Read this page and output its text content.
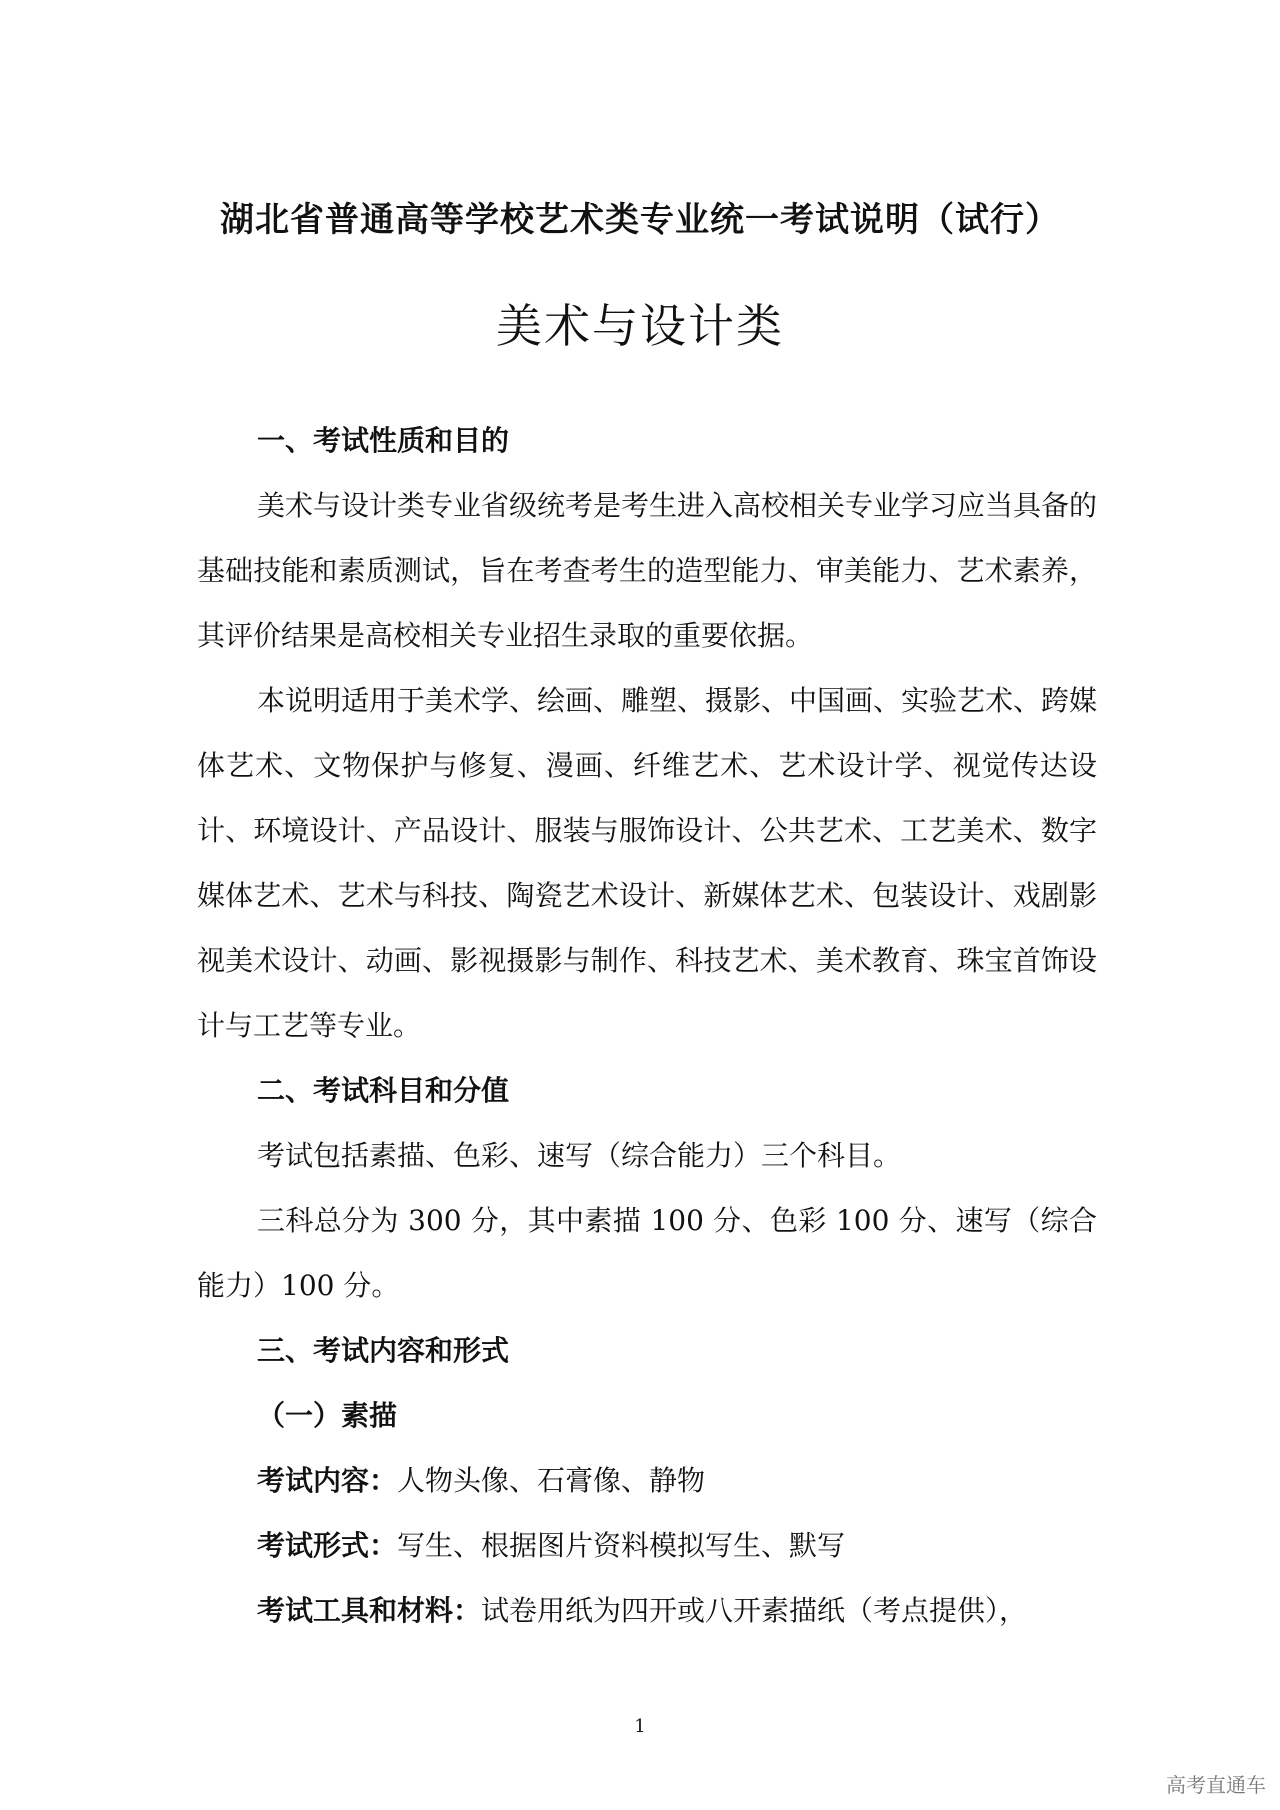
湖北省普通高等学校艺术类专业统一考试说明（试行）
美术与设计类

一、考试性质和目的

美术与设计类专业省级统考是考生进入高校相关专业学习应当具备的基础技能和素质测试，旨在考查考生的造型能力、审美能力、艺术素养，其评价结果是高校相关专业招生录取的重要依据。

本说明适用于美术学、绘画、雕塑、摄影、中国画、实验艺术、跨媒体艺术、文物保护与修复、漫画、纤维艺术、艺术设计学、视觉传达设计、环境设计、产品设计、服装与服饰设计、公共艺术、工艺美术、数字媒体艺术、艺术与科技、陶瓷艺术设计、新媒体艺术、包装设计、戏剧影视美术设计、动画、影视摄影与制作、科技艺术、美术教育、珠宝首饰设计与工艺等专业。

二、考试科目和分值

考试包括素描、色彩、速写（综合能力）三个科目。

三科总分为 300 分，其中素描 100 分、色彩 100 分、速写（综合能力）100 分。

三、考试内容和形式

（一）素描

考试内容：人物头像、石膏像、静物

考试形式：写生、根据图片资料模拟写生、默写

考试工具和材料：试卷用纸为四开或八开素描纸（考点提供），

1
高考直通车
